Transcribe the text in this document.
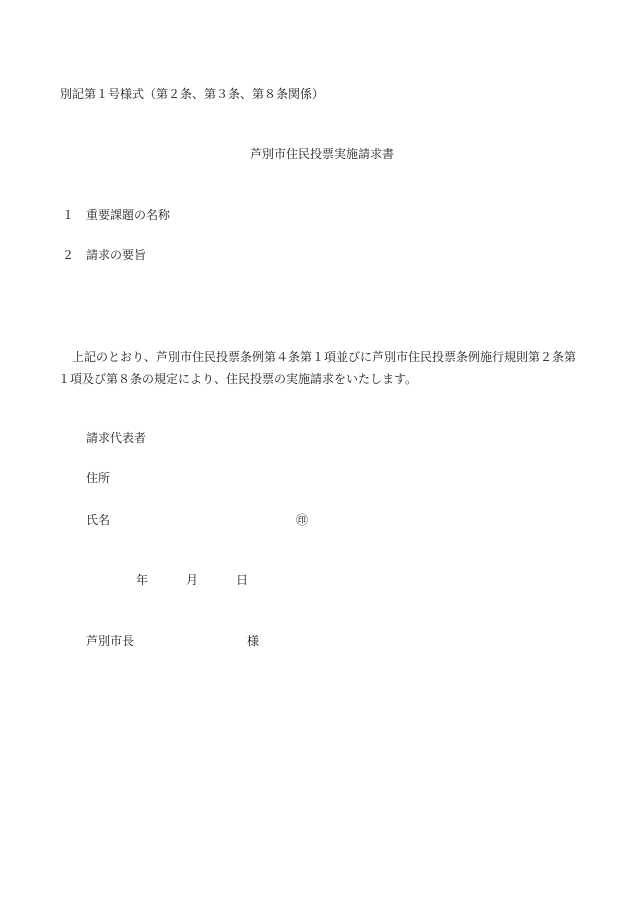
別記第１号様式（第２条、第３条、第８条関係）
芦別市住民投票実施請求書
１ 重要課題の名称
２ 請求の要旨
上記のとおり、芦別市住民投票条例第４条第１項並びに芦別市住民投票条例施行規則第２条第
１項及び第８条の規定により、住民投票の実施請求をいたします。
請求代表者
住所
氏名	㊞
年	月	日
芦別市長	様
